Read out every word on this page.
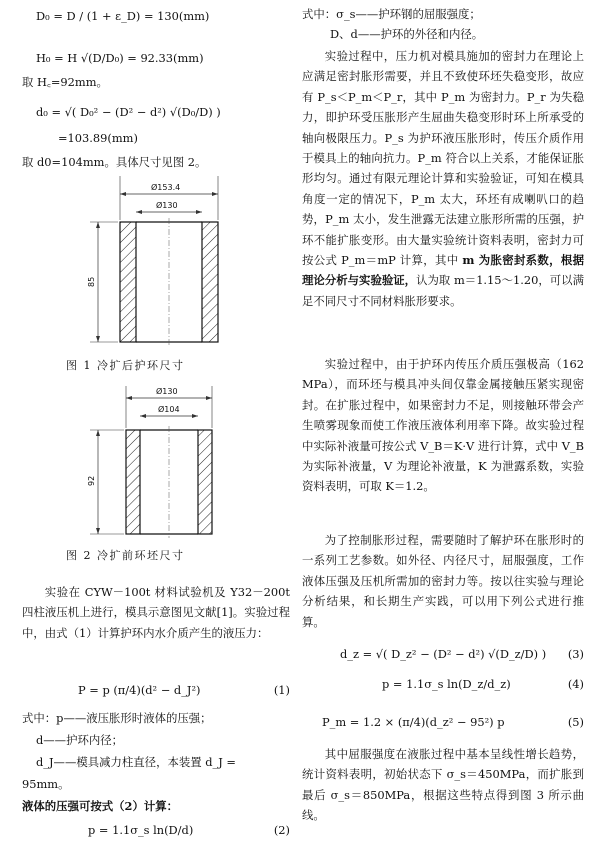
D₀ = D / (1 + ε_D) = 130(mm)
H₀ = H √(D/D₀) = 92.33(mm)
取 H꜀=92mm。
d₀ = √( D₀² − (D² − d²) √(D₀/D) )
=103.89(mm)
取 d0=104mm。具体尺寸见图 2。
Ø153.4
Ø130
85
图 1 冷扩后护环尺寸
Ø130
Ø104
92
图 2 冷扩前环坯尺寸
实验在 CYW－100t 材料试验机及 Y32－200t 四柱液压机上进行，模具示意图见文献[1]。实验过程中，由式（1）计算护环内水介质产生的液压力：
P = p (π/4)(d² − d_J²)	(1)
式中：p——液压胀形时液体的压强；
d——护环内径；
d_J——模具减力柱直径，本装置 d_J =
95mm。
液体的压强可按式（2）计算：
p = 1.1σ_s ln(D/d)	(2)
式中：σ_s——护环钢的屈服强度；
D、d——护环的外径和内径。
实验过程中，压力机对模具施加的密封力在理论上应满足密封胀形需要，并且不致使环坯失稳变形，故应有 P_s＜P_m＜P_r，其中 P_m 为密封力。P_r 为失稳力，即护环受压胀形产生屈曲失稳变形时环上所承受的轴向极限压力。P_s 为护环液压胀形时，传压介质作用于模具上的轴向抗力。P_m 符合以上关系，才能保证胀形均匀。通过有限元理论计算和实验验证，可知在模具角度一定的情况下，P_m 太大，环坯有成喇叭口的趋势，P_m 太小，发生泄露无法建立胀形所需的压强，护环不能扩胀变形。由大量实验统计资料表明，密封力可按公式 P_m＝mP 计算，其中 m 为胀密封系数，根据理论分析与实验验证，认为取 m＝1.15～1.20，可以满足不同尺寸不同材料胀形要求。
实验过程中，由于护环内传压介质压强极高（162MPa），而环坯与模具冲头间仅靠金属接触压紧实现密封。在扩胀过程中，如果密封力不足，则接触环带会产生喷雾现象而使工作液压液体利用率下降。故实验过程中实际补液量可按公式 V_B＝K·V 进行计算，式中 V_B 为实际补液量，V 为理论补液量，K 为泄露系数，实验资料表明，可取 K＝1.2。
为了控制胀形过程，需要随时了解护环在胀形时的一系列工艺参数。如外径、内径尺寸，屈服强度，工作液体压强及压机所需加的密封力等。按以往实验与理论分析结果，和长期生产实践，可以用下列公式进行推算。
d_z = √( D_z² − (D² − d²) √(D_z/D) ) (3)
p = 1.1σ_s ln(D_z/d_z)	(4)
P_m = 1.2 × (π/4)(d_z² − 95²) p	(5)
其中屈服强度在液胀过程中基本呈线性增长趋势，统计资料表明，初始状态下 σ_s＝450MPa，而扩胀到最后 σ_s＝850MPa，根据这些特点得到图 3 所示曲线。
